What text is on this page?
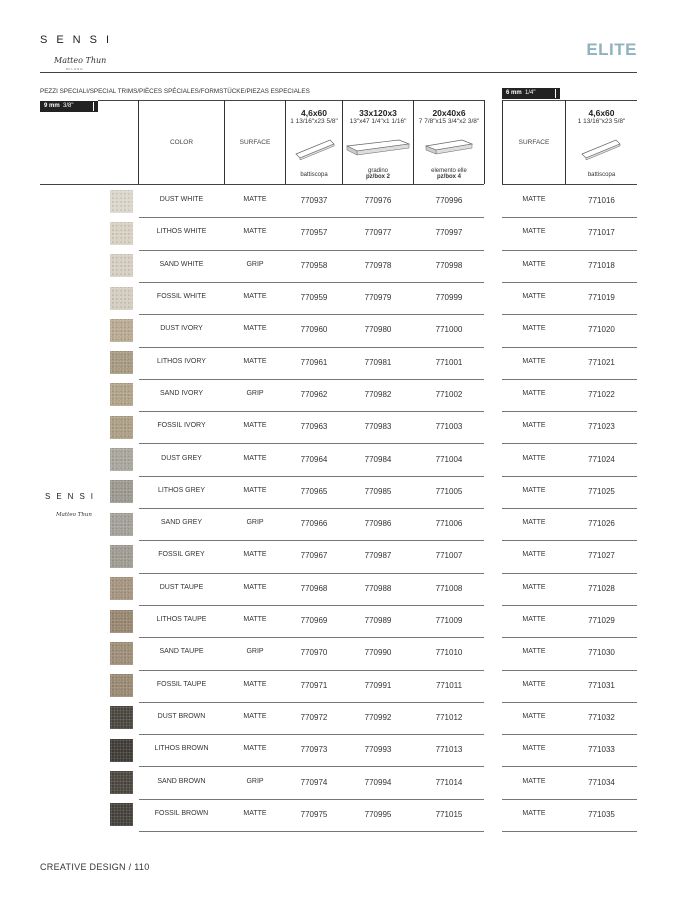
SENSI
Matteo Thun
MILANO
ELITE
PEZZI SPECIALI/SPECIAL TRIMS/PIÈCES SPÉCIALES/FORMSTÜCKE/PIEZAS ESPECIALES
9 mm 3/8"
6 mm 1/4"
COLOR	SURFACE	SURFACE
4,6x60
1 13/16"x23 5/8"
battiscopa
33x120x3
13"x47 1/4"x1 1/16"
gradino
pz/box 2
20x40x6
7 7/8"x15 3/4"x2 3/8"
elemento elle
pz/box 4
4,6x60
1 13/16"x23 5/8"
battiscopa
SENSI
Matteo Thun
DUST WHITE	MATTE	770937	770976	770996	MATTE	771016
LITHOS WHITE	MATTE	770957	770977	770997	MATTE	771017
SAND WHITE	GRIP	770958	770978	770998	MATTE	771018
FOSSIL WHITE	MATTE	770959	770979	770999	MATTE	771019
DUST IVORY	MATTE	770960	770980	771000	MATTE	771020
LITHOS IVORY	MATTE	770961	770981	771001	MATTE	771021
SAND IVORY	GRIP	770962	770982	771002	MATTE	771022
FOSSIL IVORY	MATTE	770963	770983	771003	MATTE	771023
DUST GREY	MATTE	770964	770984	771004	MATTE	771024
LITHOS GREY	MATTE	770965	770985	771005	MATTE	771025
SAND GREY	GRIP	770966	770986	771006	MATTE	771026
FOSSIL GREY	MATTE	770967	770987	771007	MATTE	771027
DUST TAUPE	MATTE	770968	770988	771008	MATTE	771028
LITHOS TAUPE	MATTE	770969	770989	771009	MATTE	771029
SAND TAUPE	GRIP	770970	770990	771010	MATTE	771030
FOSSIL TAUPE	MATTE	770971	770991	771011	MATTE	771031
DUST BROWN	MATTE	770972	770992	771012	MATTE	771032
LITHOS BROWN	MATTE	770973	770993	771013	MATTE	771033
SAND BROWN	GRIP	770974	770994	771014	MATTE	771034
FOSSIL BROWN	MATTE	770975	770995	771015	MATTE	771035
CREATIVE DESIGN / 110
